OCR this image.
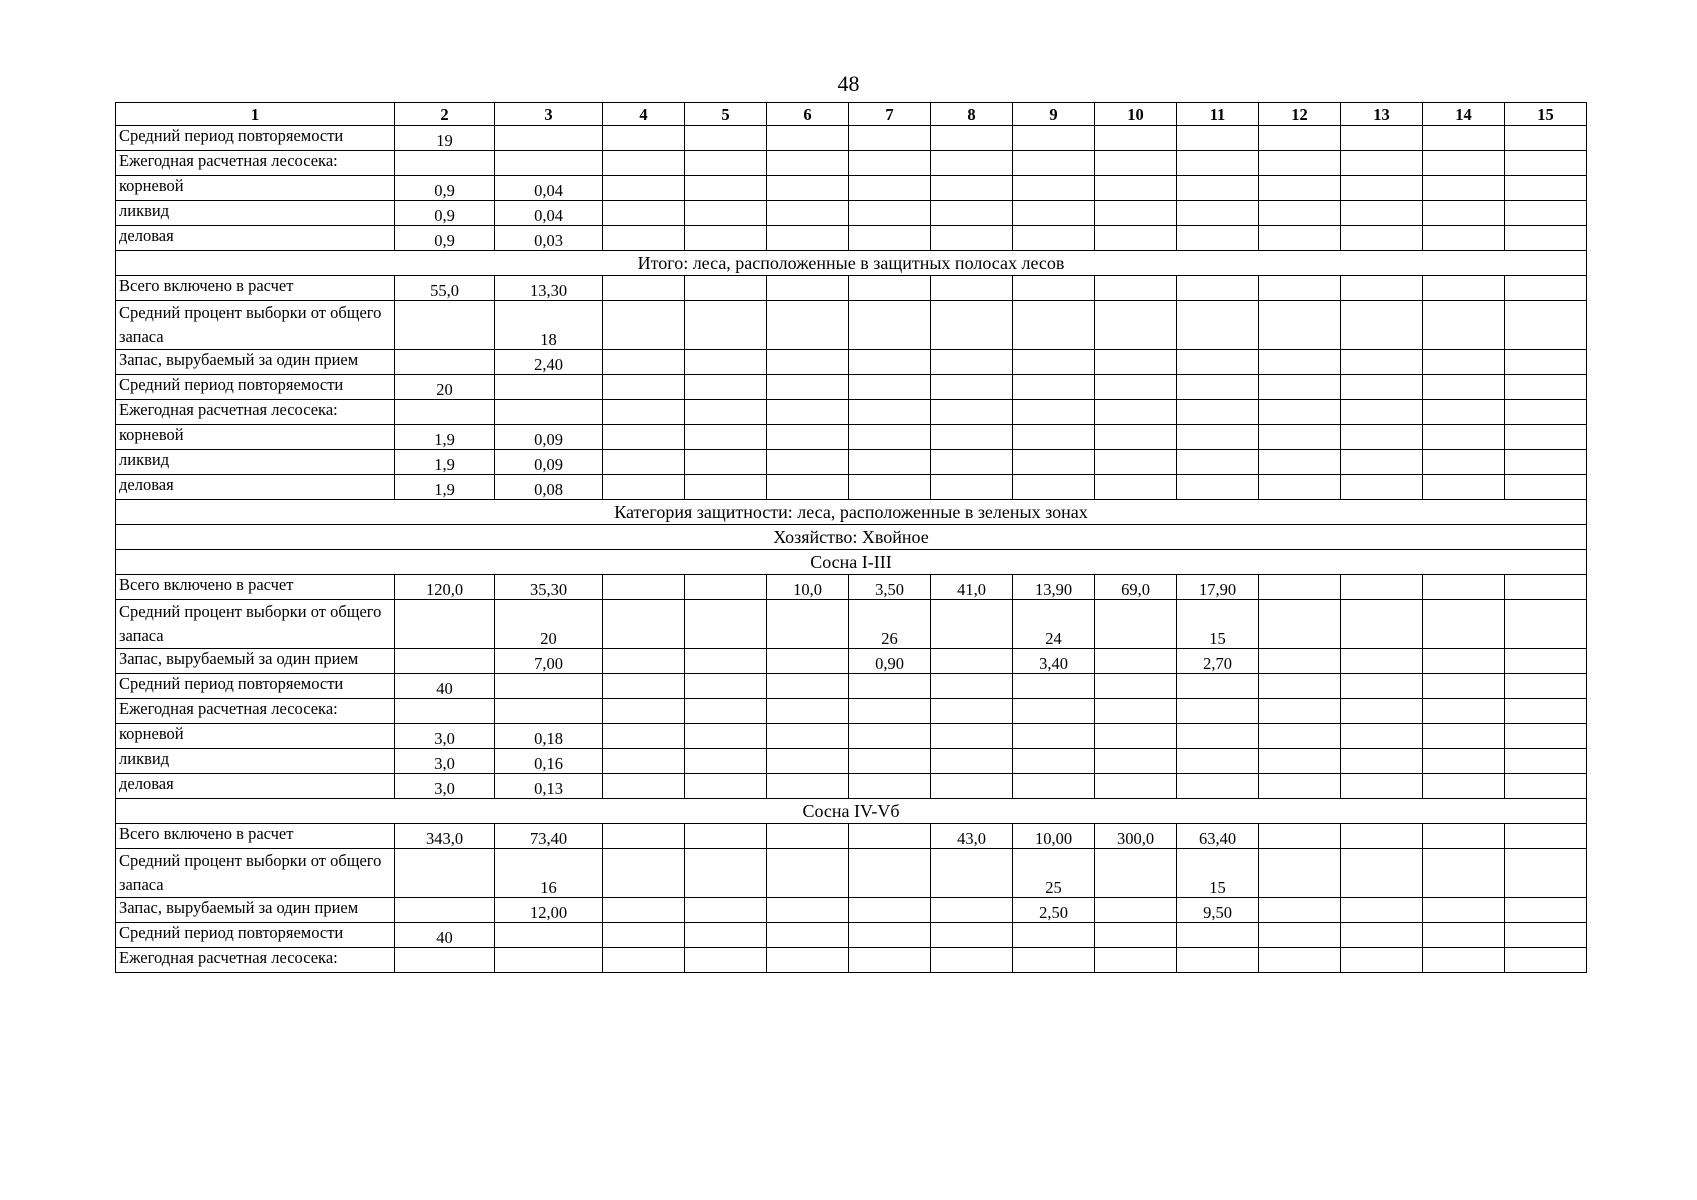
48
1	2	3	4	5	6	7	8	9	10	11	12	13	14	15
Средний период повторяемости	19													
Ежегодная расчетная лесосека:														
корневой	0,9	0,04												
ликвид	0,9	0,04												
деловая	0,9	0,03												
Итого: леса, расположенные в защитных полосах лесов														
Всего включено в расчет	55,0	13,30												
Средний процент выборки от общего запаса		18												
Запас, вырубаемый за один прием		2,40												
Средний период повторяемости	20													
Ежегодная расчетная лесосека:														
корневой	1,9	0,09												
ликвид	1,9	0,09												
деловая	1,9	0,08												
Категория защитности: леса, расположенные в зеленых зонах														
Хозяйство: Хвойное														
Сосна I-III														
Всего включено в расчет	120,0	35,30			10,0	3,50	41,0	13,90	69,0	17,90				
Средний процент выборки от общего запаса		20				26		24		15				
Запас, вырубаемый за один прием		7,00				0,90		3,40		2,70				
Средний период повторяемости	40													
Ежегодная расчетная лесосека:														
корневой	3,0	0,18												
ликвид	3,0	0,16												
деловая	3,0	0,13												
Сосна IV-Vб														
Всего включено в расчет	343,0	73,40					43,0	10,00	300,0	63,40				
Средний процент выборки от общего запаса		16						25		15				
Запас, вырубаемый за один прием		12,00						2,50		9,50				
Средний период повторяемости	40													
Ежегодная расчетная лесосека:														
